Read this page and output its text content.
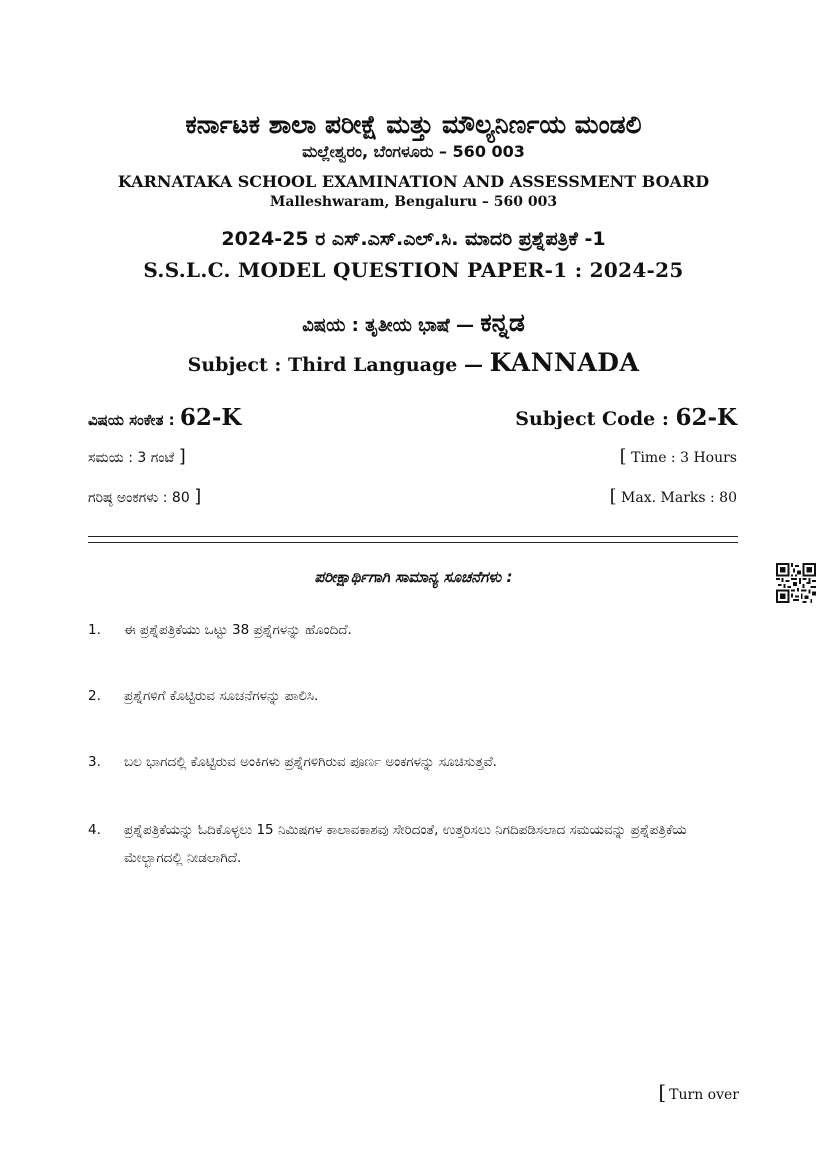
ಕರ್ನಾಟಕ ಶಾಲಾ ಪರೀಕ್ಷೆ ಮತ್ತು ಮೌಲ್ಯನಿರ್ಣಯ ಮಂಡಲಿ
ಮಲ್ಲೇಶ್ವರಂ, ಬೆಂಗಳೂರು – 560 003
KARNATAKA SCHOOL EXAMINATION AND ASSESSMENT BOARD
Malleshwaram, Bengaluru – 560 003
2024-25 ರ ಎಸ್.ಎಸ್.ಎಲ್.ಸಿ. ಮಾದರಿ ಪ್ರಶ್ನೆಪತ್ರಿಕೆ -1
S.S.L.C. MODEL QUESTION PAPER-1 : 2024-25
ವಿಷಯ : ತೃತೀಯ ಭಾಷೆ — ಕನ್ನಡ
Subject : Third Language — KANNADA
ವಿಷಯ ಸಂಕೇತ : 62-K	Subject Code : 62-K
ಸಮಯ : 3 ಗಂಟೆ ]	[ Time : 3 Hours
ಗರಿಷ್ಠ ಅಂಕಗಳು : 80 ]	[ Max. Marks : 80
ಪರೀಕ್ಷಾರ್ಥಿಗಾಗಿ ಸಾಮಾನ್ಯ ಸೂಚನೆಗಳು :
1.	ಈ ಪ್ರಶ್ನೆಪತ್ರಿಕೆಯು ಒಟ್ಟು 38 ಪ್ರಶ್ನೆಗಳನ್ನು ಹೊಂದಿದೆ.
2.	ಪ್ರಶ್ನೆಗಳಿಗೆ ಕೊಟ್ಟಿರುವ ಸೂಚನೆಗಳನ್ನು ಪಾಲಿಸಿ.
3.	ಬಲ ಭಾಗದಲ್ಲಿ ಕೊಟ್ಟಿರುವ ಅಂಕಿಗಳು ಪ್ರಶ್ನೆಗಳಿಗಿರುವ ಪೂರ್ಣ ಅಂಕಗಳನ್ನು ಸೂಚಿಸುತ್ತವೆ.
4.	ಪ್ರಶ್ನೆಪತ್ರಿಕೆಯನ್ನು ಓದಿಕೊಳ್ಳಲು 15 ನಿಮಿಷಗಳ ಕಾಲಾವಕಾಶವು ಸೇರಿದಂತೆ, ಉತ್ತರಿಸಲು ನಿಗದಿಪಡಿಸಲಾದ ಸಮಯವನ್ನು ಪ್ರಶ್ನೆಪತ್ರಿಕೆಯ ಮೇಲ್ಭಾಗದಲ್ಲಿ ನೀಡಲಾಗಿದೆ.
[ Turn over
